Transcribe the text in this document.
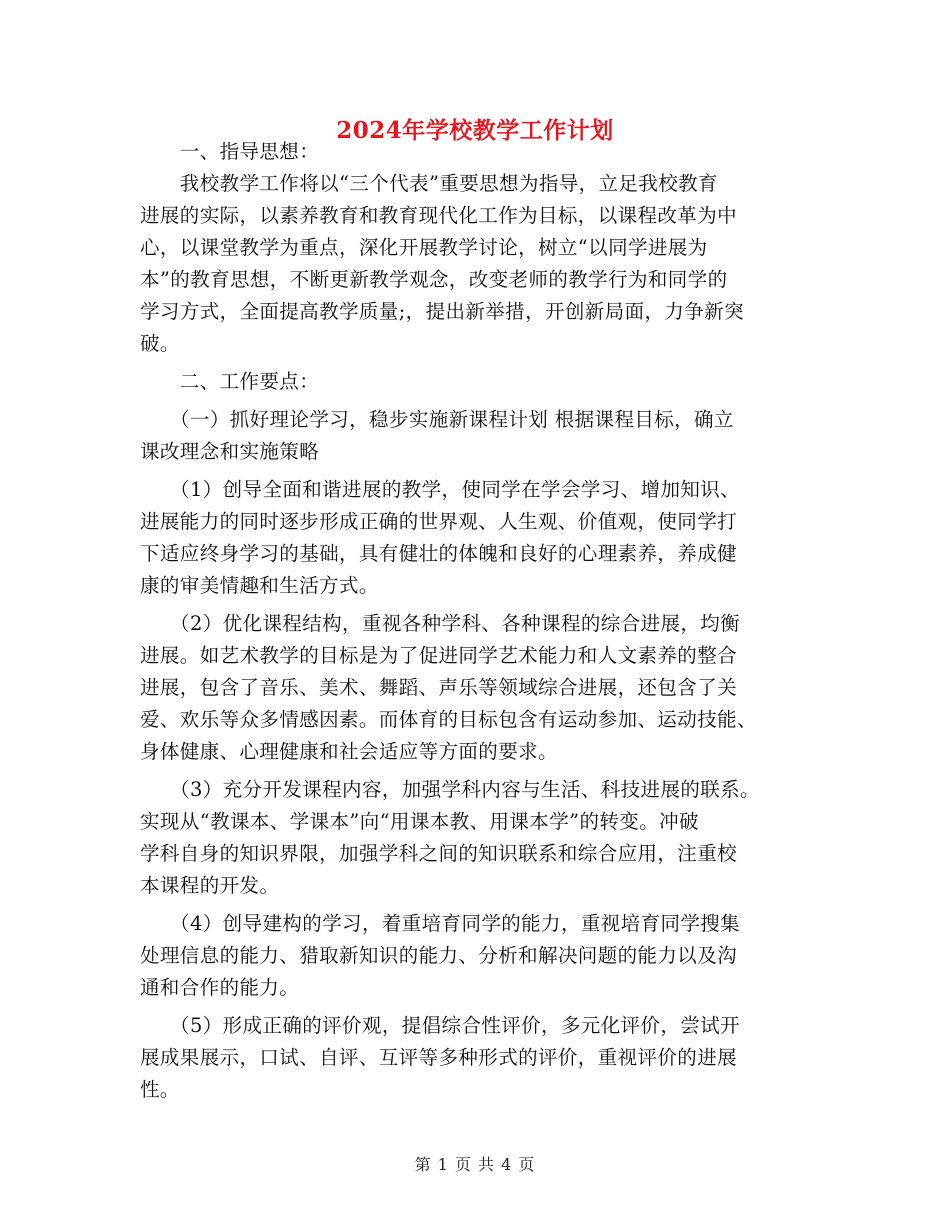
2024年学校教学工作计划
　　一、指导思想：
　　我校教学工作将以“三个代表”重要思想为指导，立足我校教育
进展的实际，以素养教育和教育现代化工作为目标，以课程改革为中
心，以课堂教学为重点，深化开展教学讨论，树立“以同学进展为
本”的教育思想，不断更新教学观念，改变老师的教学行为和同学的
学习方式，全面提高教学质量;，提出新举措，开创新局面，力争新突
破。
　　二、工作要点：
　　（一）抓好理论学习，稳步实施新课程计划 根据课程目标，确立
课改理念和实施策略
　　（1）创导全面和谐进展的教学，使同学在学会学习、增加知识、
进展能力的同时逐步形成正确的世界观、人生观、价值观，使同学打
下适应终身学习的基础，具有健壮的体魄和良好的心理素养，养成健
康的审美情趣和生活方式。
　　（2）优化课程结构，重视各种学科、各种课程的综合进展，均衡
进展。如艺术教学的目标是为了促进同学艺术能力和人文素养的整合
进展，包含了音乐、美术、舞蹈、声乐等领域综合进展，还包含了关
爱、欢乐等众多情感因素。而体育的目标包含有运动参加、运动技能、
身体健康、心理健康和社会适应等方面的要求。
　　（3）充分开发课程内容，加强学科内容与生活、科技进展的联系。
实现从“教课本、学课本”向“用课本教、用课本学”的转变。冲破
学科自身的知识界限，加强学科之间的知识联系和综合应用，注重校
本课程的开发。
　　（4）创导建构的学习，着重培育同学的能力，重视培育同学搜集
处理信息的能力、猎取新知识的能力、分析和解决问题的能力以及沟
通和合作的能力。
　　（5）形成正确的评价观，提倡综合性评价，多元化评价，尝试开
展成果展示，口试、自评、互评等多种形式的评价，重视评价的进展
性。
第 1 页 共 4 页
